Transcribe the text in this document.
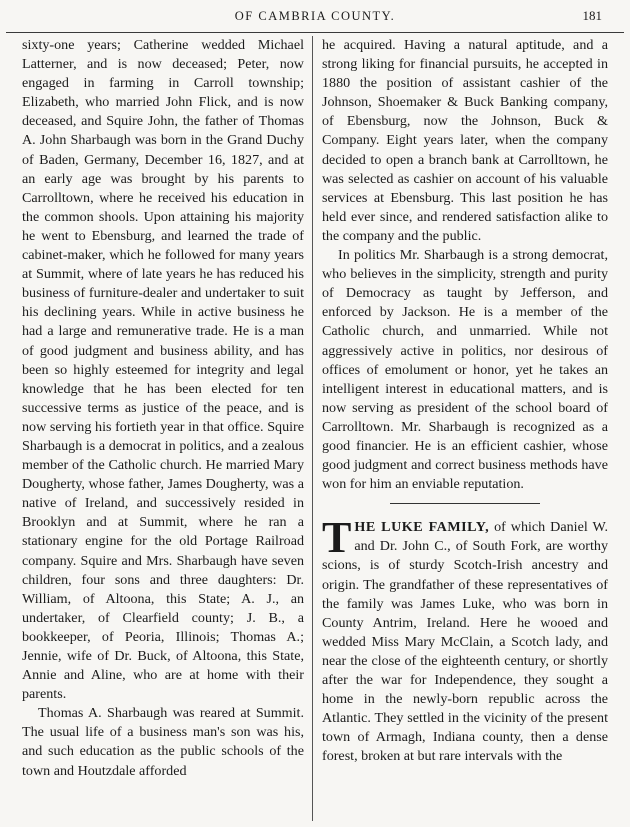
OF CAMBRIA COUNTY.	181

sixty-one years; Catherine wedded Michael Latterner, and is now deceased; Peter, now engaged in farming in Carroll township; Elizabeth, who married John Flick, and is now deceased, and Squire John, the father of Thomas A. John Sharbaugh was born in the Grand Duchy of Baden, Germany, December 16, 1827, and at an early age was brought by his parents to Carrolltown, where he received his education in the common shools. Upon attaining his majority he went to Ebensburg, and learned the trade of cabinet-maker, which he followed for many years at Summit, where of late years he has reduced his business of furniture-dealer and undertaker to suit his declining years. While in active business he had a large and remunerative trade. He is a man of good judgment and business ability, and has been so highly esteemed for integrity and legal knowledge that he has been elected for ten successive terms as justice of the peace, and is now serving his fortieth year in that office. Squire Sharbaugh is a democrat in politics, and a zealous member of the Catholic church. He married Mary Dougherty, whose father, James Dougherty, was a native of Ireland, and successively resided in Brooklyn and at Summit, where he ran a stationary engine for the old Portage Railroad company. Squire and Mrs. Sharbaugh have seven children, four sons and three daughters: Dr. William, of Altoona, this State; A. J., an undertaker, of Clearfield county; J. B., a bookkeeper, of Peoria, Illinois; Thomas A.; Jennie, wife of Dr. Buck, of Altoona, this State, Annie and Aline, who are at home with their parents.

Thomas A. Sharbaugh was reared at Summit. The usual life of a business man's son was his, and such education as the public schools of the town and Houtzdale afforded

he acquired. Having a natural aptitude, and a strong liking for financial pursuits, he accepted in 1880 the position of assistant cashier of the Johnson, Shoemaker & Buck Banking company, of Ebensburg, now the Johnson, Buck & Company. Eight years later, when the company decided to open a branch bank at Carrolltown, he was selected as cashier on account of his valuable services at Ebensburg. This last position he has held ever since, and rendered satisfaction alike to the company and the public.

In politics Mr. Sharbaugh is a strong democrat, who believes in the simplicity, strength and purity of Democracy as taught by Jefferson, and enforced by Jackson. He is a member of the Catholic church, and unmarried. While not aggressively active in politics, nor desirous of offices of emolument or honor, yet he takes an intelligent interest in educational matters, and is now serving as president of the school board of Carrolltown. Mr. Sharbaugh is recognized as a good financier. He is an efficient cashier, whose good judgment and correct business methods have won for him an enviable reputation.

THE LUKE FAMILY, of which Daniel W. and Dr. John C., of South Fork, are worthy scions, is of sturdy Scotch-Irish ancestry and origin. The grandfather of these representatives of the family was James Luke, who was born in County Antrim, Ireland. Here he wooed and wedded Miss Mary McClain, a Scotch lady, and near the close of the eighteenth century, or shortly after the war for Independence, they sought a home in the newly-born republic across the Atlantic. They settled in the vicinity of the present town of Armagh, Indiana county, then a dense forest, broken at but rare intervals with the
